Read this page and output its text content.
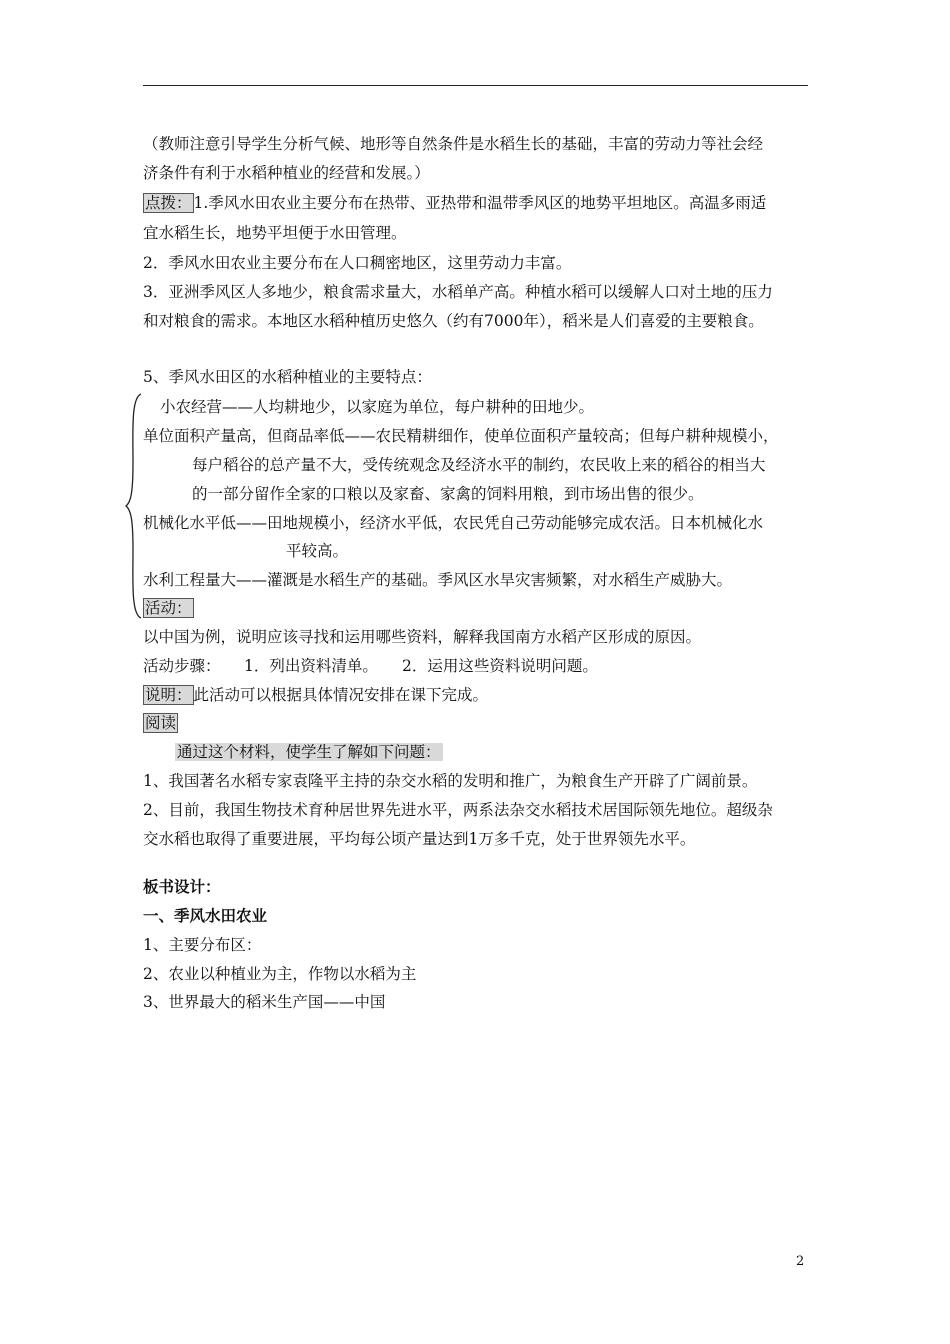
（教师注意引导学生分析气候、地形等自然条件是水稻生长的基础，丰富的劳动力等社会经
济条件有利于水稻种植业的经营和发展。）
点拨： 1.季风水田农业主要分布在热带、亚热带和温带季风区的地势平坦地区。高温多雨适
宜水稻生长，地势平坦便于水田管理。
2．季风水田农业主要分布在人口稠密地区，这里劳动力丰富。
3．亚洲季风区人多地少，粮食需求量大，水稻单产高。种植水稻可以缓解人口对土地的压力
和对粮食的需求。本地区水稻种植历史悠久（约有7000年），稻米是人们喜爱的主要粮食。
5、季风水田区的水稻种植业的主要特点：
小农经营——人均耕地少，以家庭为单位，每户耕种的田地少。
单位面积产量高，但商品率低——农民精耕细作，使单位面积产量较高；但每户耕种规模小，
每户稻谷的总产量不大，受传统观念及经济水平的制约，农民收上来的稻谷的相当大
的一部分留作全家的口粮以及家畜、家禽的饲料用粮，到市场出售的很少。
机械化水平低——田地规模小，经济水平低，农民凭自己劳动能够完成农活。日本机械化水
平较高。
水利工程量大——灌溉是水稻生产的基础。季风区水旱灾害频繁，对水稻生产威胁大。
活动：
以中国为例，说明应该寻找和运用哪些资料，解释我国南方水稻产区形成的原因。
活动步骤： 1．列出资料清单。 2．运用这些资料说明问题。
说明： 此活动可以根据具体情况安排在课下完成。
阅读
通过这个材料，使学生了解如下问题：
1、我国著名水稻专家袁隆平主持的杂交水稻的发明和推广，为粮食生产开辟了广阔前景。
2、目前，我国生物技术育种居世界先进水平，两系法杂交水稻技术居国际领先地位。超级杂
交水稻也取得了重要进展，平均每公顷产量达到1万多千克，处于世界领先水平。
板书设计：
一、季风水田农业
1、主要分布区：
2、农业以种植业为主，作物以水稻为主
3、世界最大的稻米生产国——中国
2
